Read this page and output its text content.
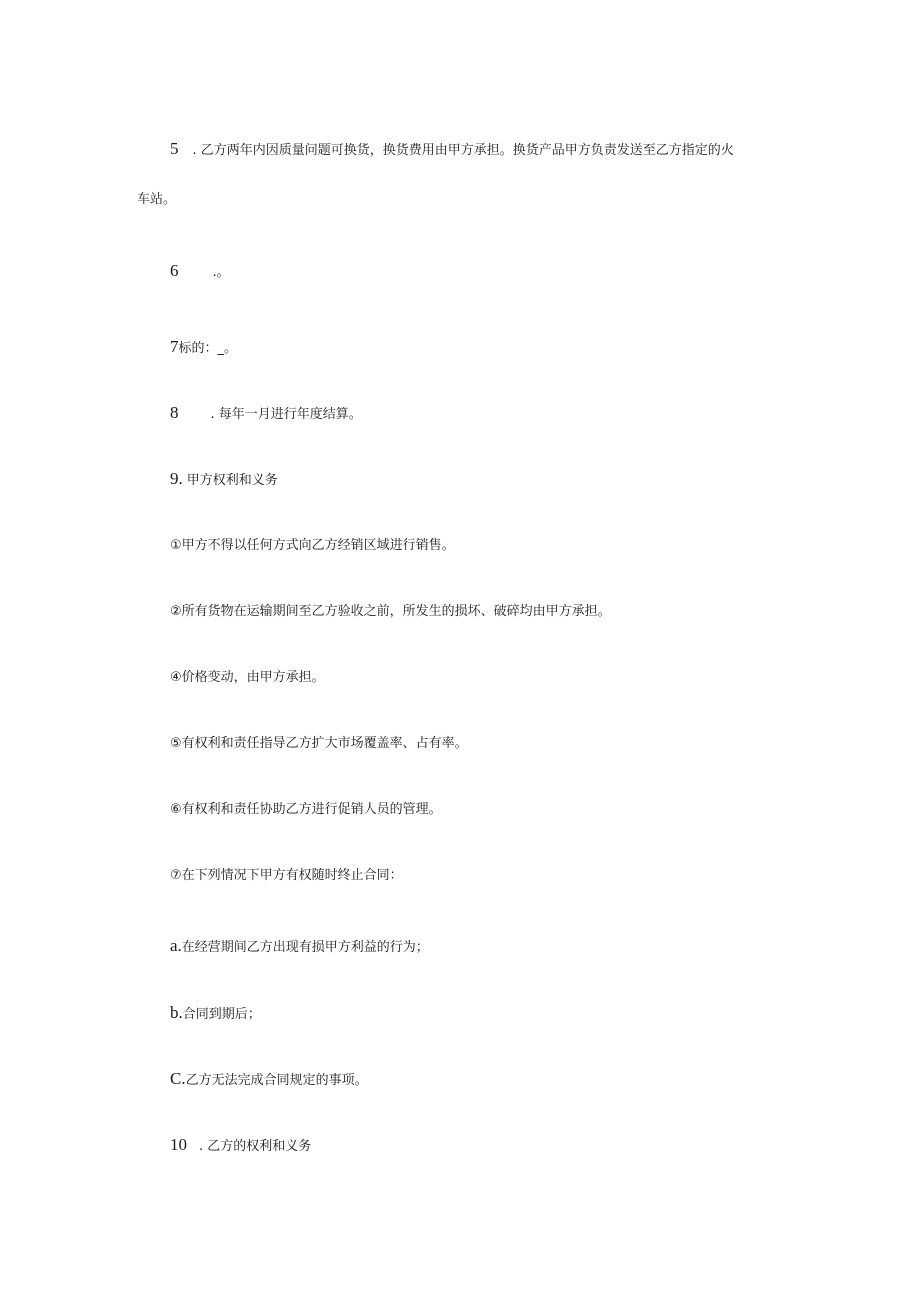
5 . 乙方两年内因质量问题可换货，换货费用由甲方承担。换货产品甲方负责发送至乙方指定的火
车站。
6	.。
7标的：_。
8 . 每年一月进行年度结算。
9. 甲方权利和义务
①甲方不得以任何方式向乙方经销区域进行销售。
②所有货物在运输期间至乙方验收之前，所发生的损坏、破碎均由甲方承担。
④价格变动，由甲方承担。
⑤有权利和责任指导乙方扩大市场覆盖率、占有率。
⑥有权利和责任协助乙方进行促销人员的管理。
⑦在下列情况下甲方有权随时终止合同：
a.在经营期间乙方出现有损甲方利益的行为；
b.合同到期后；
C.乙方无法完成合同规定的事项。
10 . 乙方的权利和义务
